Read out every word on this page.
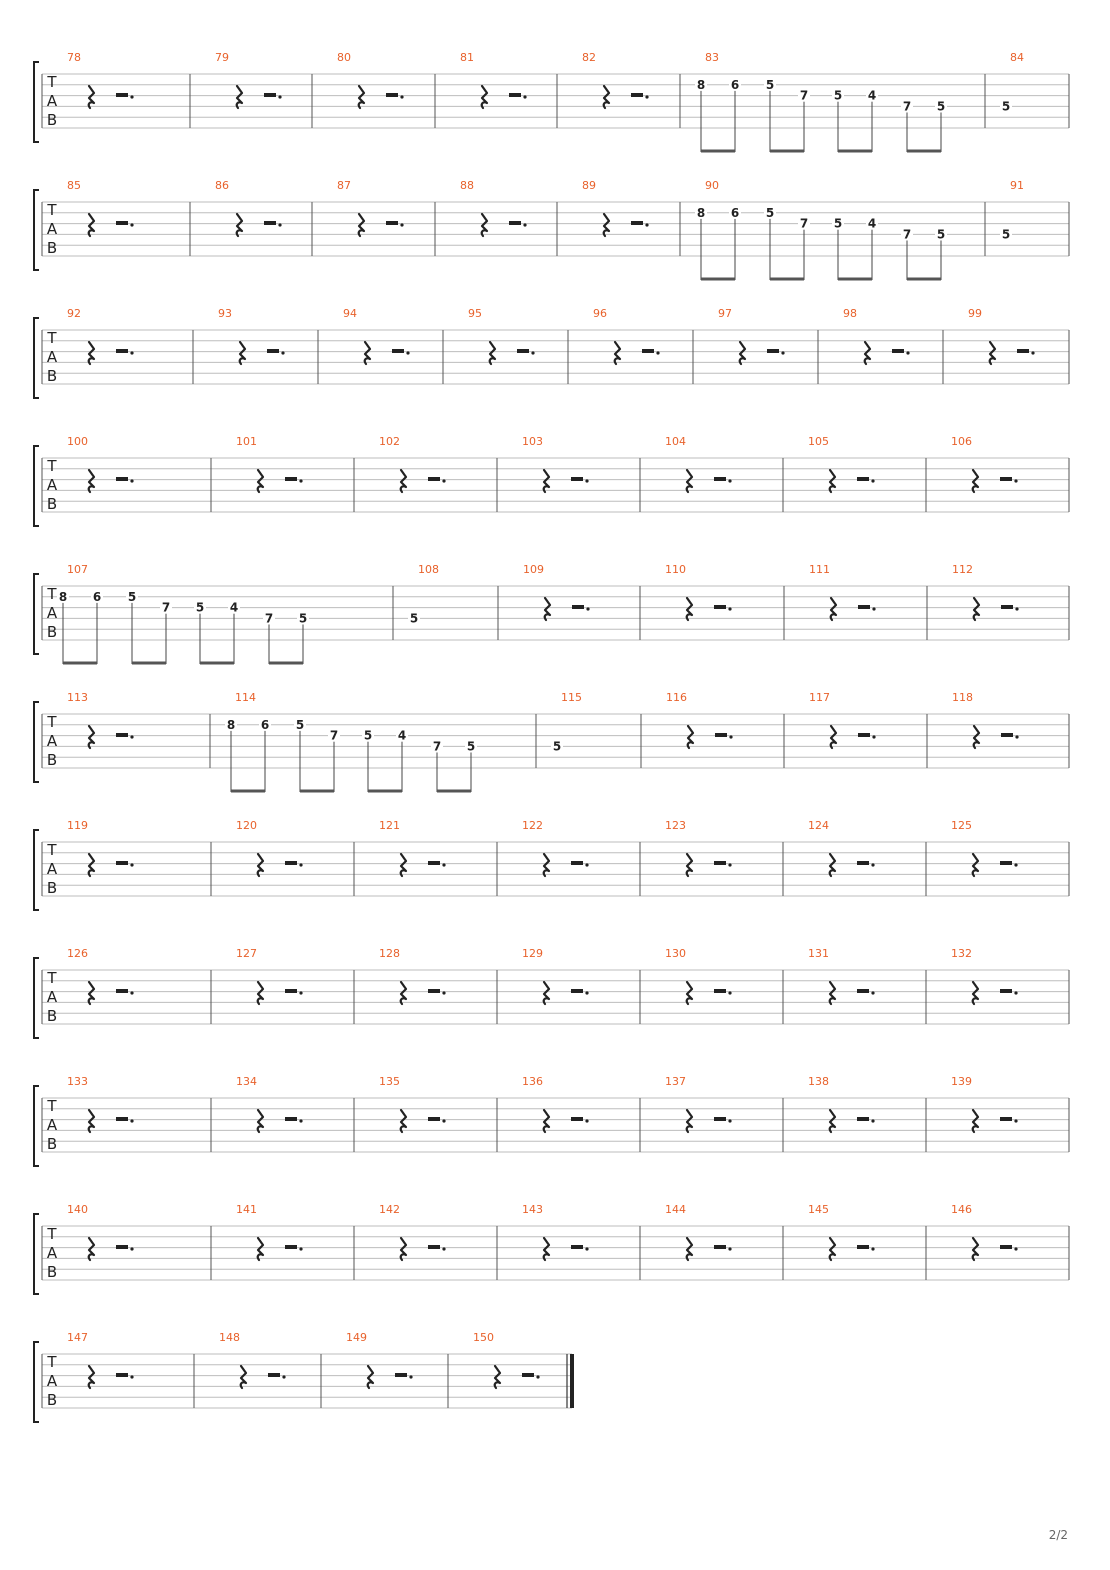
T
A
B
78	79	80	81	82	83
8 6 5
7 5 4
7 5
84
5
T
A
B
85	86	87	88	89	90
8 6 5
7 5 4
7 5
91
5
T
A
B
92	93	94	95	96	97	98	99
T
A
B
100	101	102	103	104	105	106
T
A
B
107
8 6 5
7 5 4
7 5
108
5
109	110	111	112
T
A
B
113	114
8 6 5
7 5 4
7 5
115
5
116	117	118
T
A
B
119	120	121	122	123	124	125
T
A
B
126	127	128	129	130	131	132
T
A
B
133	134	135	136	137	138	139
T
A
B
140	141	142	143	144	145	146
T
A
B
147	148	149	150
2/2
